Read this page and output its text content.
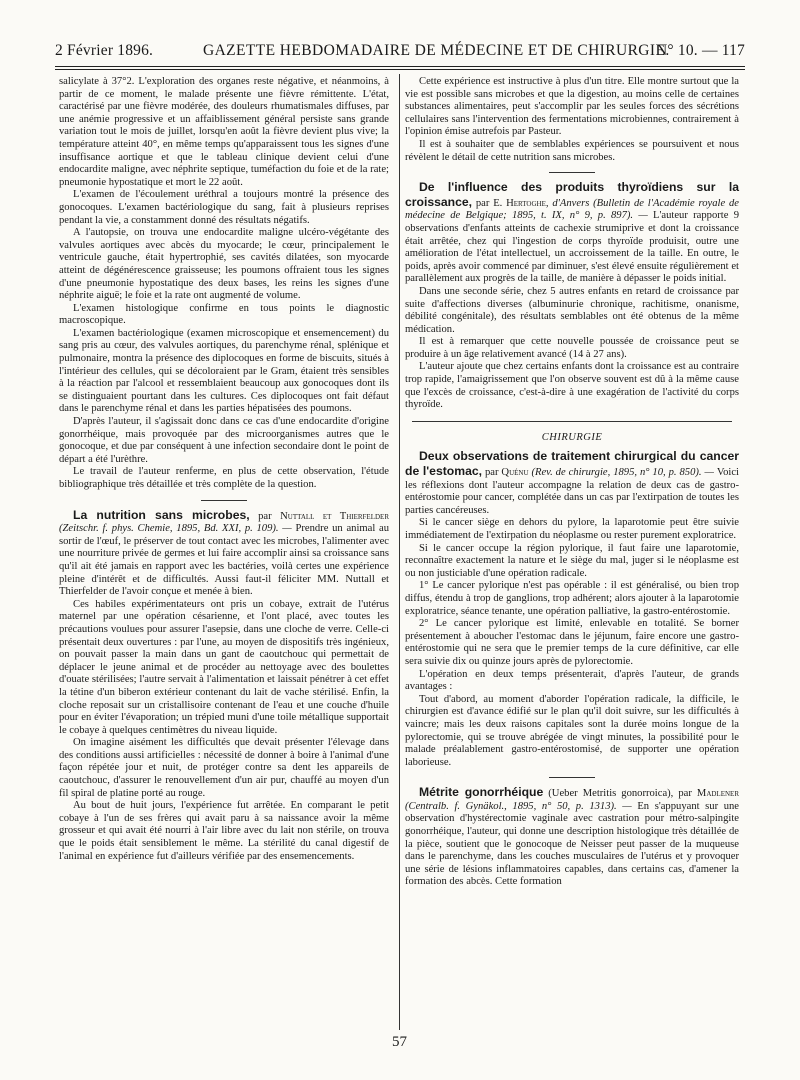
2 Février 1896.	GAZETTE HEBDOMADAIRE DE MÉDECINE ET DE CHIRURGIE.
N° 10. — 117

salicylate à 37°2. L'exploration des organes reste négative, et néanmoins, à partir de ce moment, le malade présente une fièvre rémittente. L'état, caractérisé par une fièvre modérée, des douleurs rhumatismales diffuses, par une anémie progressive et un affaiblissement général persiste sans grande variation tout le mois de juillet, lorsqu'en août la fièvre devient plus vive; la température atteint 40°, en même temps qu'apparaissent tous les signes d'une insuffisance aortique et que le tableau clinique devient celui d'une endocardite maligne, avec néphrite septique, tuméfaction du foie et de la rate; pneumonie hypostatique et mort le 22 août.

L'examen de l'écoulement uréthral a toujours montré la présence des gonocoques. L'examen bactériologique du sang, fait à plusieurs reprises pendant la vie, a constamment donné des résultats négatifs.

A l'autopsie, on trouva une endocardite maligne ulcéro-végétante des valvules aortiques avec abcès du myocarde; le cœur, principalement le ventricule gauche, était hypertrophié, ses cavités dilatées, son myocarde atteint de dégénérescence graisseuse; les poumons offraient tous les signes d'une pneumonie hypostatique des deux bases, les reins les signes d'une néphrite aiguë; le foie et la rate ont augmenté de volume.

L'examen histologique confirme en tous points le diagnostic macroscopique.

L'examen bactériologique (examen microscopique et ensemencement) du sang pris au cœur, des valvules aortiques, du parenchyme rénal, splénique et pulmonaire, montra la présence des diplocoques en forme de biscuits, situés à l'intérieur des cellules, qui se décoloraient par le Gram, étaient très sensibles à la réaction par l'alcool et ressemblaient beaucoup aux gonocoques dont ils se distinguaient pourtant dans les cultures. Ces diplocoques ont fait défaut dans le parenchyme rénal et dans les parties hépatisées des poumons.

D'après l'auteur, il s'agissait donc dans ce cas d'une endocardite d'origine gonorrhéique, mais provoquée par des microorganismes autres que le gonocoque, et due par conséquent à une infection secondaire dont le point de départ a été l'urèthre.

Le travail de l'auteur renferme, en plus de cette observation, l'étude bibliographique très détaillée et très complète de la question.

La nutrition sans microbes, par Nuttall et Thierfelder (Zeitschr. f. phys. Chemie, 1895, Bd. XXI, p. 109). — Prendre un animal au sortir de l'œuf, le préserver de tout contact avec les microbes, l'alimenter avec une nourriture privée de germes et lui faire accomplir ainsi sa croissance sans qu'il ait été jamais en rapport avec les bactéries, voilà certes une expérience pleine d'intérêt et de difficultés. Aussi faut-il féliciter MM. Nuttall et Thierfelder de l'avoir conçue et menée à bien.

Ces habiles expérimentateurs ont pris un cobaye, extrait de l'utérus maternel par une opération césarienne, et l'ont placé, avec toutes les précautions voulues pour assurer l'asepsie, dans une cloche de verre. Celle-ci présentait deux ouvertures : par l'une, au moyen de dispositifs très ingénieux, on pouvait passer la main dans un gant de caoutchouc qui permettait de déplacer le jeune animal et de procéder au nettoyage avec des boulettes d'ouate stérilisées; l'autre servait à l'alimentation et laissait pénétrer à cet effet la tétine d'un biberon extérieur contenant du lait de vache stérilisé. Enfin, la cloche reposait sur un cristallisoire contenant de l'eau et une couche d'huile pour en éviter l'évaporation; un trépied muni d'une toile métallique supportait le cobaye à quelques centimètres du niveau liquide.

On imagine aisément les difficultés que devait présenter l'élevage dans des conditions aussi artificielles : nécessité de donner à boire à l'animal d'une façon répétée jour et nuit, de protéger contre sa dent les appareils de caoutchouc, d'assurer le renouvellement d'un air pur, chauffé au moyen d'un fil spiral de platine porté au rouge.

Au bout de huit jours, l'expérience fut arrêtée. En comparant le petit cobaye à l'un de ses frères qui avait paru à sa naissance avoir la même grosseur et qui avait été nourri à l'air libre avec du lait non stérile, on trouva que le poids était sensiblement le même. La stérilité du canal digestif de l'animal en expérience fut d'ailleurs vérifiée par des ensemencements.

Cette expérience est instructive à plus d'un titre. Elle montre surtout que la vie est possible sans microbes et que la digestion, au moins celle de certaines substances alimentaires, peut s'accomplir par les seules forces des sécrétions cellulaires sans l'intervention des fermentations microbiennes, contrairement à l'opinion émise autrefois par Pasteur.

Il est à souhaiter que de semblables expériences se poursuivent et nous révèlent le détail de cette nutrition sans microbes.

De l'influence des produits thyroïdiens sur la croissance, par E. Hertoghe, d'Anvers (Bulletin de l'Académie royale de médecine de Belgique; 1895, t. IX, n° 9, p. 897). — L'auteur rapporte 9 observations d'enfants atteints de cachexie strumiprive et dont la croissance était arrêtée, chez qui l'ingestion de corps thyroïde produisit, outre une amélioration de l'état intellectuel, un accroissement de la taille. En outre, le poids, après avoir commencé par diminuer, s'est élevé ensuite régulièrement et parallèlement aux progrès de la taille, de manière à dépasser le poids initial.

Dans une seconde série, chez 5 autres enfants en retard de croissance par suite d'affections diverses (albuminurie chronique, rachitisme, onanisme, débilité congénitale), des résultats semblables ont été obtenus de la même médication.

Il est à remarquer que cette nouvelle poussée de croissance peut se produire à un âge relativement avancé (14 à 27 ans).

L'auteur ajoute que chez certains enfants dont la croissance est au contraire trop rapide, l'amaigrissement que l'on observe souvent est dû à la même cause que l'excès de croissance, c'est-à-dire à une exagération de l'activité du corps thyroïde.

CHIRURGIE

Deux observations de traitement chirurgical du cancer de l'estomac, par Quénu (Rev. de chirurgie, 1895, n° 10, p. 850). — Voici les réflexions dont l'auteur accompagne la relation de deux cas de gastro-entérostomie pour cancer, complétée dans un cas par l'extirpation de toutes les parties cancéreuses.

Si le cancer siège en dehors du pylore, la laparotomie peut être suivie immédiatement de l'extirpation du néoplasme ou rester purement exploratrice.

Si le cancer occupe la région pylorique, il faut faire une laparotomie, reconnaître exactement la nature et le siège du mal, juger si le néoplasme est ou non justiciable d'une opération radicale.

1° Le cancer pylorique n'est pas opérable : il est généralisé, ou bien trop diffus, étendu à trop de ganglions, trop adhérent; alors ajouter à la laparotomie exploratrice, séance tenante, une opération palliative, la gastro-entérostomie.

2° Le cancer pylorique est limité, enlevable en totalité. Se borner présentement à aboucher l'estomac dans le jéjunum, faire encore une gastro-entérostomie qui ne sera que le premier temps de la cure définitive, car elle sera suivie dix ou quinze jours après de pylorectomie.

L'opération en deux temps présenterait, d'après l'auteur, de grands avantages :

Tout d'abord, au moment d'aborder l'opération radicale, la difficile, le chirurgien est d'avance édifié sur le plan qu'il doit suivre, sur les difficultés à vaincre; mais les deux raisons capitales sont la durée moins longue de la pylorectomie, qui se trouve abrégée de vingt minutes, la possibilité pour le malade préalablement gastro-entérostomisé, de supporter une opération laborieuse.

Métrite gonorrhéique (Ueber Metritis gonorroica), par Madlener (Centralb. f. Gynäkol., 1895, n° 50, p. 1313). — En s'appuyant sur une observation d'hystérectomie vaginale avec castration pour métro-salpingite gonorrhéique, l'auteur, qui donne une description histologique très détaillée de la pièce, soutient que le gonocoque de Neisser peut passer de la muqueuse dans le parenchyme, dans les couches musculaires de l'utérus et y provoquer une série de lésions inflammatoires capables, dans certains cas, d'amener la formation des abcès. Cette formation

57
